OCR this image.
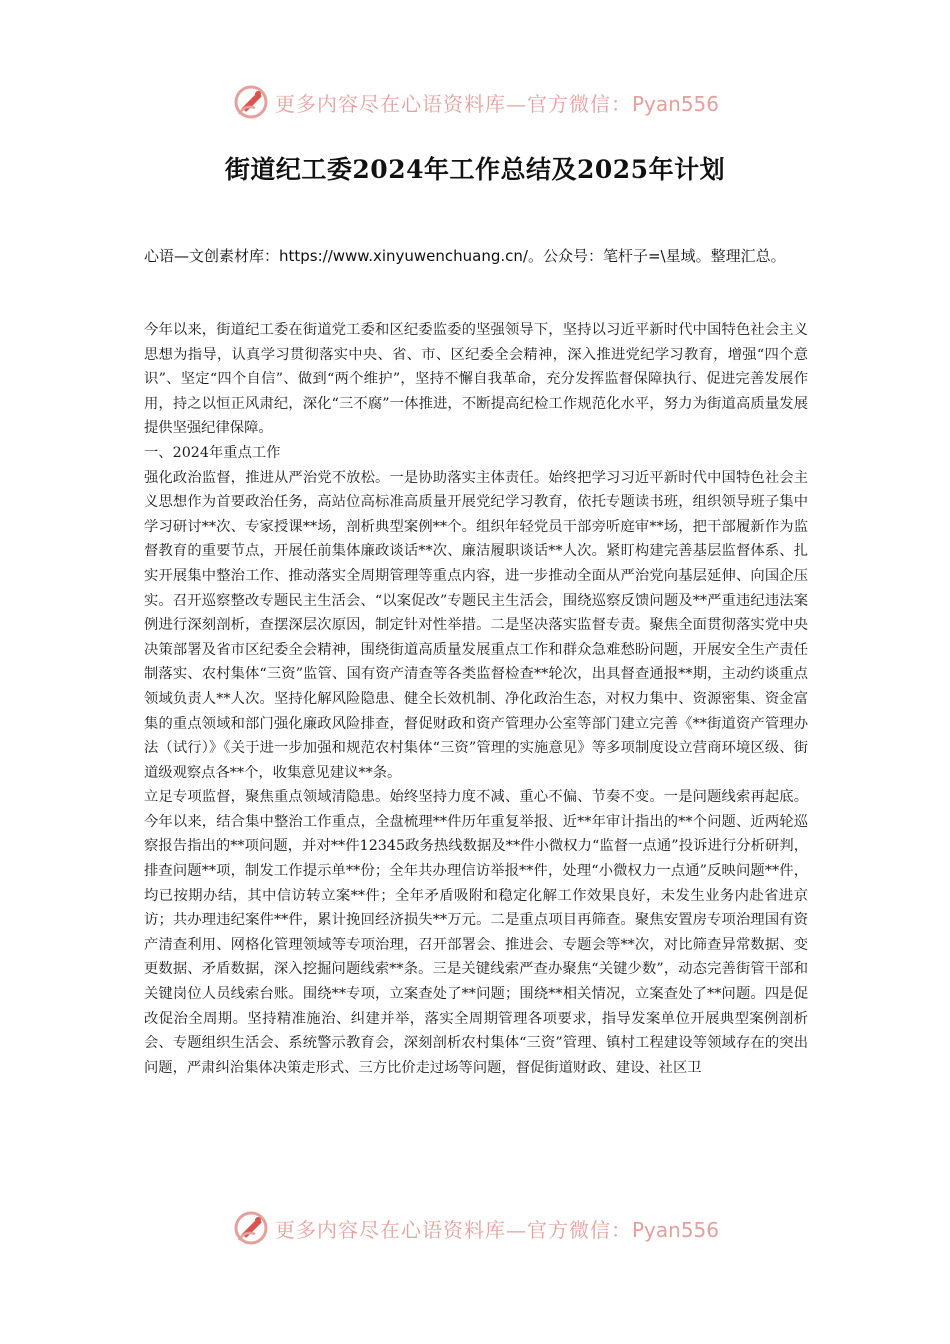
更多内容尽在心语资料库—官方微信：Pyan556
街道纪工委2024年工作总结及2025年计划

心语—文创素材库：https://www.xinyuwenchuang.cn/。公众号：笔杆子=\星域。整理汇总。

今年以来，街道纪工委在街道党工委和区纪委监委的坚强领导下，坚持以习近平新时代中国特色社会主义思想为指导，认真学习贯彻落实中央、省、市、区纪委全会精神，深入推进党纪学习教育，增强“四个意识”、坚定“四个自信”、做到“两个维护”，坚持不懈自我革命，充分发挥监督保障执行、促进完善发展作用，持之以恒正风肃纪，深化“三不腐”一体推进，不断提高纪检工作规范化水平，努力为街道高质量发展提供坚强纪律保障。

一、2024年重点工作

强化政治监督，推进从严治党不放松。一是协助落实主体责任。始终把学习习近平新时代中国特色社会主义思想作为首要政治任务，高站位高标准高质量开展党纪学习教育，依托专题读书班，组织领导班子集中学习研讨**次、专家授课**场，剖析典型案例**个。组织年轻党员干部旁听庭审**场，把干部履新作为监督教育的重要节点，开展任前集体廉政谈话**次、廉洁履职谈话**人次。紧盯构建完善基层监督体系、扎实开展集中整治工作、推动落实全周期管理等重点内容，进一步推动全面从严治党向基层延伸、向国企压实。召开巡察整改专题民主生活会、“以案促改”专题民主生活会，围绕巡察反馈问题及**严重违纪违法案例进行深刻剖析，查摆深层次原因，制定针对性举措。二是坚决落实监督专责。聚焦全面贯彻落实党中央决策部署及省市区纪委全会精神，围绕街道高质量发展重点工作和群众急难愁盼问题，开展安全生产责任制落实、农村集体“三资”监管、国有资产清查等各类监督检查**轮次，出具督查通报**期，主动约谈重点领域负责人**人次。坚持化解风险隐患、健全长效机制、净化政治生态，对权力集中、资源密集、资金富集的重点领域和部门强化廉政风险排查，督促财政和资产管理办公室等部门建立完善《**街道资产管理办法（试行）》《关于进一步加强和规范农村集体“三资”管理的实施意见》等多项制度设立营商环境区级、街道级观察点各**个，收集意见建议**条。

立足专项监督，聚焦重点领域清隐患。始终坚持力度不减、重心不偏、节奏不变。一是问题线索再起底。今年以来，结合集中整治工作重点，全盘梳理**件历年重复举报、近**年审计指出的**个问题、近两轮巡察报告指出的**项问题，并对**件12345政务热线数据及**件小微权力“监督一点通”投诉进行分析研判，排查问题**项，制发工作提示单**份；全年共办理信访举报**件，处理“小微权力一点通”反映问题**件，均已按期办结，其中信访转立案**件；全年矛盾吸附和稳定化解工作效果良好，未发生业务内赴省进京访；共办理违纪案件**件，累计挽回经济损失**万元。二是重点项目再筛查。聚焦安置房专项治理国有资产清查利用、网格化管理领域等专项治理，召开部署会、推进会、专题会等**次，对比筛查异常数据、变更数据、矛盾数据，深入挖掘问题线索**条。三是关键线索严查办聚焦“关键少数”，动态完善街管干部和关键岗位人员线索台账。围绕**专项，立案查处了**问题；围绕**相关情况，立案查处了**问题。四是促改促治全周期。坚持精准施治、纠建并举，落实全周期管理各项要求，指导发案单位开展典型案例剖析会、专题组织生活会、系统警示教育会，深刻剖析农村集体“三资”管理、镇村工程建设等领域存在的突出问题，严肃纠治集体决策走形式、三方比价走过场等问题，督促街道财政、建设、社区卫

更多内容尽在心语资料库—官方微信：Pyan556
